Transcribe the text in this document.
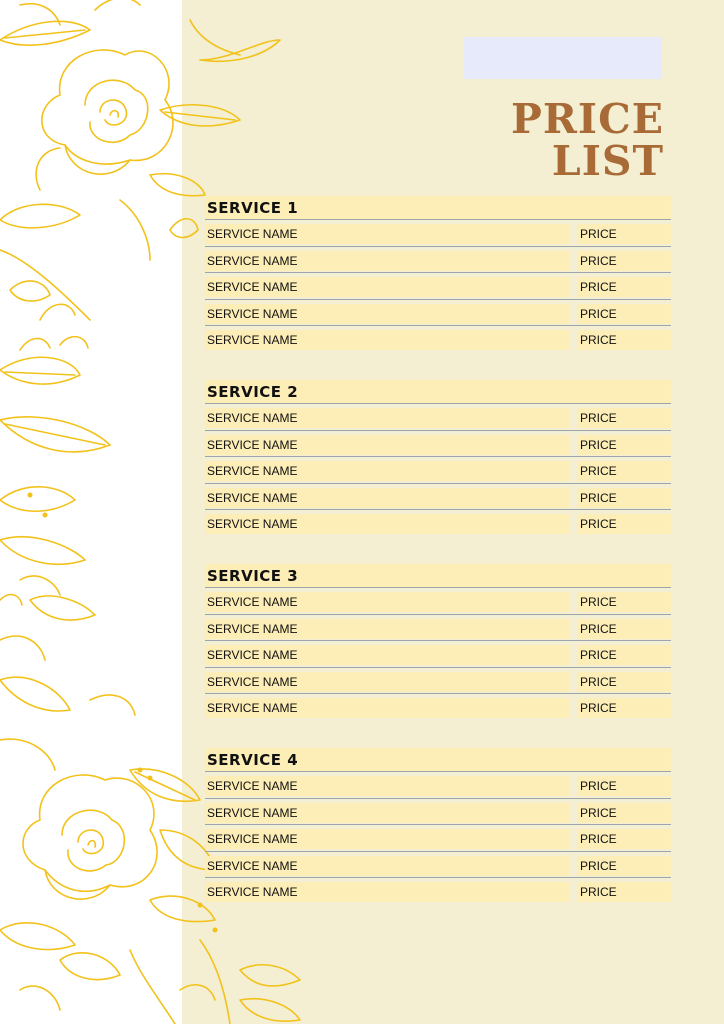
PRICE
LIST
SERVICE 1
SERVICE NAME	PRICE
SERVICE NAME	PRICE
SERVICE NAME	PRICE
SERVICE NAME	PRICE
SERVICE NAME	PRICE
SERVICE 2
SERVICE NAME	PRICE
SERVICE NAME	PRICE
SERVICE NAME	PRICE
SERVICE NAME	PRICE
SERVICE NAME	PRICE
SERVICE 3
SERVICE NAME	PRICE
SERVICE NAME	PRICE
SERVICE NAME	PRICE
SERVICE NAME	PRICE
SERVICE NAME	PRICE
SERVICE 4
SERVICE NAME	PRICE
SERVICE NAME	PRICE
SERVICE NAME	PRICE
SERVICE NAME	PRICE
SERVICE NAME	PRICE
